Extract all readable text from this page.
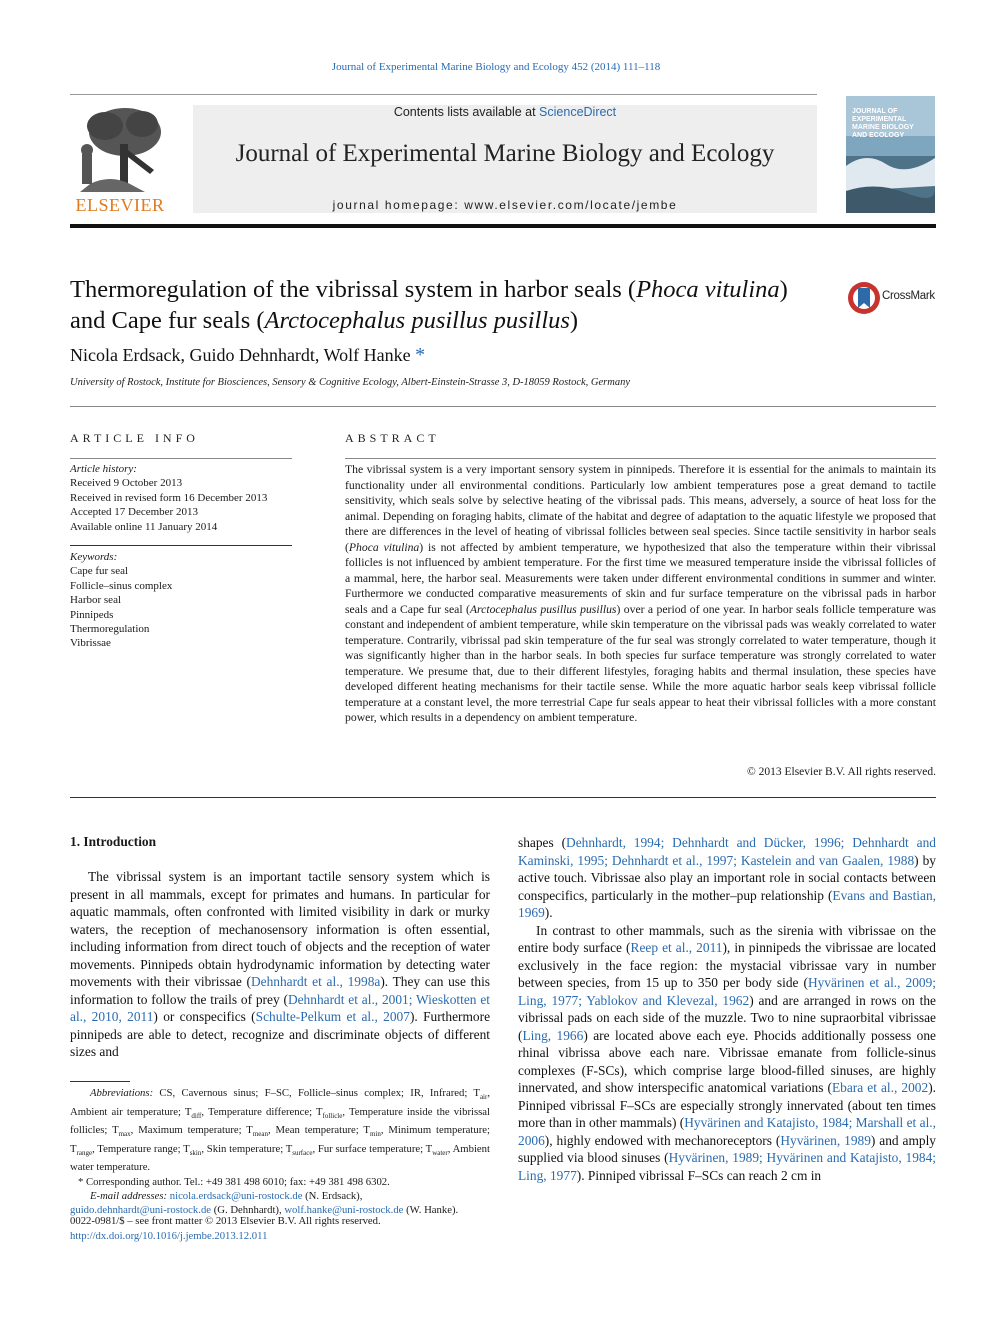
Journal of Experimental Marine Biology and Ecology 452 (2014) 111–118
ELSEVIER
Contents lists available at ScienceDirect
Journal of Experimental Marine Biology and Ecology
journal homepage: www.elsevier.com/locate/jembe
JOURNAL OF EXPERIMENTAL MARINE BIOLOGY AND ECOLOGY
Thermoregulation of the vibrissal system in harbor seals (Phoca vitulina)
and Cape fur seals (Arctocephalus pusillus pusillus)
CrossMark
Nicola Erdsack, Guido Dehnhardt, Wolf Hanke *
University of Rostock, Institute for Biosciences, Sensory & Cognitive Ecology, Albert-Einstein-Strasse 3, D-18059 Rostock, Germany
ARTICLE INFO
Article history:
Received 9 October 2013
Received in revised form 16 December 2013
Accepted 17 December 2013
Available online 11 January 2014
Keywords:
Cape fur seal
Follicle–sinus complex
Harbor seal
Pinnipeds
Thermoregulation
Vibrissae
ABSTRACT
The vibrissal system is a very important sensory system in pinnipeds. Therefore it is essential for the animals to maintain its functionality under all environmental conditions. Particularly low ambient temperatures pose a great demand to tactile sensitivity, which seals solve by selective heating of the vibrissal pads. This means, adversely, a source of heat loss for the animal. Depending on foraging habits, climate of the habitat and degree of adaptation to the aquatic lifestyle we proposed that there are differences in the level of heating of vibrissal follicles between seal species. Since tactile sensitivity in harbor seals (Phoca vitulina) is not affected by ambient temperature, we hypothesized that also the temperature within their vibrissal follicles is not influenced by ambient temperature. For the first time we measured temperature inside the vibrissal follicles of a mammal, here, the harbor seal. Measurements were taken under different environmental conditions in summer and winter. Furthermore we conducted comparative measurements of skin and fur surface temperature on the vibrissal pads in harbor seals and a Cape fur seal (Arctocephalus pusillus pusillus) over a period of one year. In harbor seals follicle temperature was constant and independent of ambient temperature, while skin temperature on the vibrissal pads was weakly correlated to water temperature. Contrarily, vibrissal pad skin temperature of the fur seal was strongly correlated to water temperature, though it was significantly higher than in the harbor seals. In both species fur surface temperature was strongly correlated to water temperature. We presume that, due to their different lifestyles, foraging habits and thermal insulation, these species have developed different heating mechanisms for their tactile sense. While the more aquatic harbor seals keep vibrissal follicle temperature at a constant level, the more terrestrial Cape fur seals appear to heat their vibrissal follicles with a more constant power, which results in a dependency on ambient temperature.
© 2013 Elsevier B.V. All rights reserved.
1. Introduction

The vibrissal system is an important tactile sensory system which is present in all mammals, except for primates and humans. In particular for aquatic mammals, often confronted with limited visibility in dark or murky waters, the reception of mechanosensory information is often essential, including information from direct touch of objects and the reception of water movements. Pinnipeds obtain hydrodynamic information by detecting water movements with their vibrissae (Dehnhardt et al., 1998a). They can use this information to follow the trails of prey (Dehnhardt et al., 2001; Wieskotten et al., 2010, 2011) or conspecifics (Schulte-Pelkum et al., 2007). Furthermore pinnipeds are able to detect, recognize and discriminate objects of different sizes and

shapes (Dehnhardt, 1994; Dehnhardt and Dücker, 1996; Dehnhardt and Kaminski, 1995; Dehnhardt et al., 1997; Kastelein and van Gaalen, 1988) by active touch. Vibrissae also play an important role in social contacts between conspecifics, particularly in the mother–pup relationship (Evans and Bastian, 1969).

In contrast to other mammals, such as the sirenia with vibrissae on the entire body surface (Reep et al., 2011), in pinnipeds the vibrissae are located exclusively in the face region: the mystacial vibrissae vary in number between species, from 15 up to 350 per body side (Hyvärinen et al., 2009; Ling, 1977; Yablokov and Klevezal, 1962) and are arranged in rows on the vibrissal pads on each side of the muzzle. Two to nine supraorbital vibrissae (Ling, 1966) are located above each eye. Phocids additionally possess one rhinal vibrissa above each nare. Vibrissae emanate from follicle-sinus complexes (F-SCs), which comprise large blood-filled sinuses, are highly innervated, and show interspecific anatomical variations (Ebara et al., 2002). Pinniped vibrissal F–SCs are especially strongly innervated (about ten times more than in other mammals) (Hyvärinen and Katajisto, 1984; Marshall et al., 2006), highly endowed with mechanoreceptors (Hyvärinen, 1989) and amply supplied via blood sinuses (Hyvärinen, 1989; Hyvärinen and Katajisto, 1984; Ling, 1977). Pinniped vibrissal F–SCs can reach 2 cm in

Abbreviations: CS, Cavernous sinus; F–SC, Follicle–sinus complex; IR, Infrared; $T_{air}$, Ambient air temperature; $T_{diff}$, Temperature difference; $T_{follicle}$, Temperature inside the vibrissal follicles; $T_{max}$, Maximum temperature; $T_{mean}$, Mean temperature; $T_{min}$, Minimum temperature; $T_{range}$, Temperature range; $T_{skin}$, Skin temperature; $T_{surface}$, Fur surface temperature; $T_{water}$, Ambient water temperature.
* Corresponding author. Tel.: +49 381 498 6010; fax: +49 381 498 6302.
E-mail addresses: nicola.erdsack@uni-rostock.de (N. Erdsack),
guido.dehnhardt@uni-rostock.de (G. Dehnhardt), wolf.hanke@uni-rostock.de (W. Hanke).
0022-0981/$ – see front matter © 2013 Elsevier B.V. All rights reserved.
http://dx.doi.org/10.1016/j.jembe.2013.12.011
